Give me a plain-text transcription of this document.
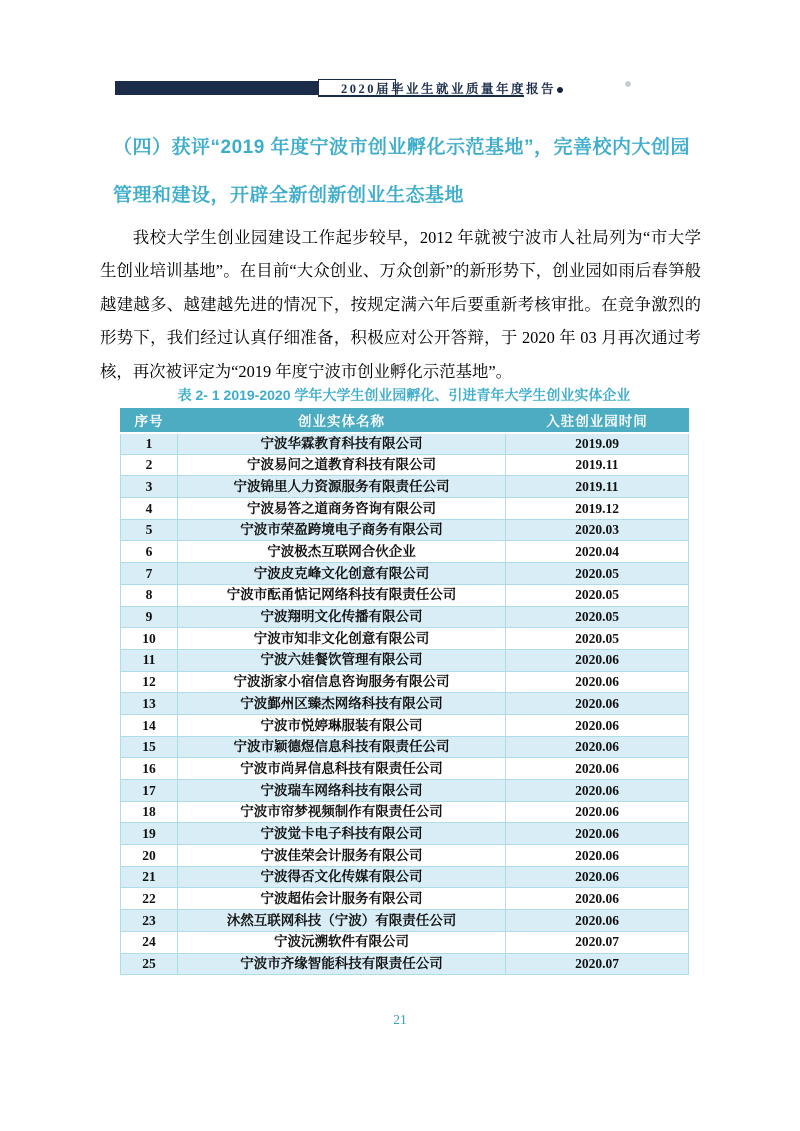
2020届毕业生就业质量年度报告
（四）获评“2019 年度宁波市创业孵化示范基地”，完善校内大创园
管理和建设，开辟全新创新创业生态基地

我校大学生创业园建设工作起步较早，2012 年就被宁波市人社局列为“市大学生创业培训基地”。在目前“大众创业、万众创新”的新形势下，创业园如雨后春笋般越建越多、越建越先进的情况下，按规定满六年后要重新考核审批。在竞争激烈的形势下，我们经过认真仔细准备，积极应对公开答辩，于 2020 年 03 月再次通过考核，再次被评定为“2019 年度宁波市创业孵化示范基地”。

表 2- 1 2019-2020 学年大学生创业园孵化、引进青年大学生创业实体企业
序号	创业实体名称	入驻创业园时间
1	宁波华霖教育科技有限公司	2019.09
2	宁波易问之道教育科技有限公司	2019.11
3	宁波锦里人力资源服务有限责任公司	2019.11
4	宁波易答之道商务咨询有限公司	2019.12
5	宁波市荣盈跨境电子商务有限公司	2020.03
6	宁波极杰互联网合伙企业	2020.04
7	宁波皮克峰文化创意有限公司	2020.05
8	宁波市酝甬惦记网络科技有限责任公司	2020.05
9	宁波翔明文化传播有限公司	2020.05
10	宁波市知非文化创意有限公司	2020.05
11	宁波六娃餐饮管理有限公司	2020.06
12	宁波浙家小宿信息咨询服务有限公司	2020.06
13	宁波鄞州区臻杰网络科技有限公司	2020.06
14	宁波市悦婷琳服装有限公司	2020.06
15	宁波市颖德煜信息科技有限责任公司	2020.06
16	宁波市尚昇信息科技有限责任公司	2020.06
17	宁波瑞车网络科技有限公司	2020.06
18	宁波市帘梦视频制作有限责任公司	2020.06
19	宁波觉卡电子科技有限公司	2020.06
20	宁波佳荣会计服务有限公司	2020.06
21	宁波得否文化传媒有限公司	2020.06
22	宁波超佑会计服务有限公司	2020.06
23	沐然互联网科技（宁波）有限责任公司	2020.06
24	宁波沅溯软件有限公司	2020.07
25	宁波市齐缘智能科技有限责任公司	2020.07
21
